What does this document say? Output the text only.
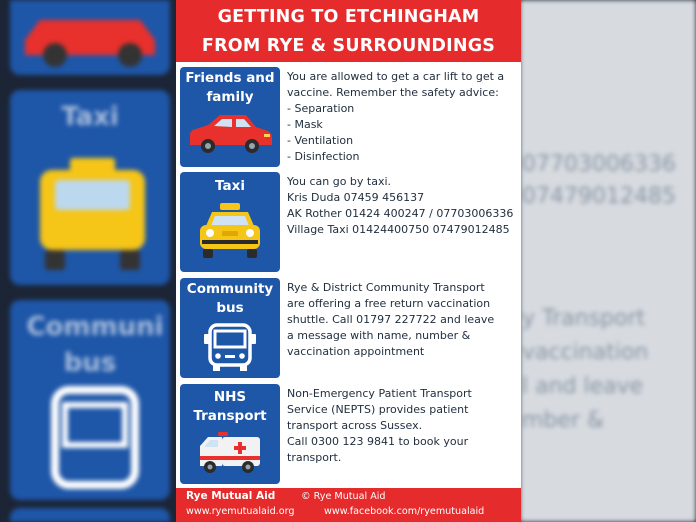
Taxi
Communi
bus
07703006336
07479012485
y Transport
vaccination
l and leave
mber &
GETTING TO ETCHINGHAM
FROM RYE & SURROUNDINGS
Friends and
family
You are allowed to get a car lift to get a
vaccine. Remember the safety advice:
- Separation
- Mask
- Ventilation
- Disinfection
Taxi	You can go by taxi.
Kris Duda 07459 456137
AK Rother 01424 400247 / 07703006336
Village Taxi 01424400750 07479012485
Community
bus
Rye & District Community Transport
are offering a free return vaccination
shuttle. Call 01797 227722 and leave
a message with name, number &
vaccination appointment
NHS
Transport
Non-Emergency Patient Transport
Service (NEPTS) provides patient
transport across Sussex.
Call 0300 123 9841 to book your
transport.
Rye Mutual Aid	© Rye Mutual Aid
www.ryemutualaid.org	www.facebook.com/ryemutualaid
